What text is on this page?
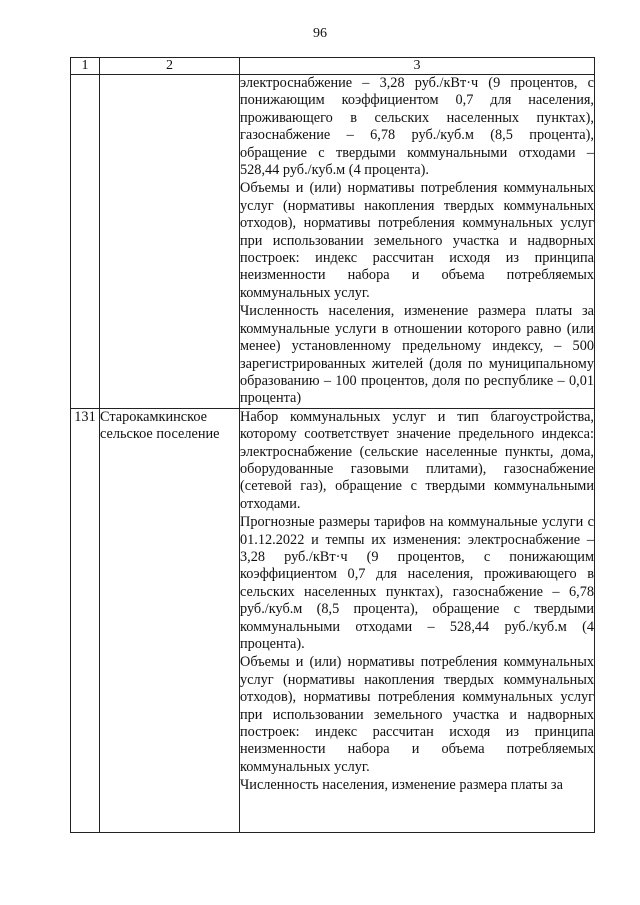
96
1	2	3

		электроснабжение – 3,28 руб./кВт·ч (9 процентов, с понижающим коэффициентом 0,7 для населения, проживающего в сельских населенных пунктах), газоснабжение – 6,78 руб./куб.м (8,5 процента), обращение с твердыми коммунальными отходами – 528,44 руб./куб.м (4 процента).

Объемы и (или) нормативы потребления коммунальных услуг (нормативы накопления твердых коммунальных отходов), нормативы потребления коммунальных услуг при использовании земельного участка и надворных построек: индекс рассчитан исходя из принципа неизменности набора и объема потребляемых коммунальных услуг.

Численность населения, изменение размера платы за коммунальные услуги в отношении которого равно (или менее) установленному предельному индексу, – 500 зарегистрированных жителей (доля по муниципальному образованию – 100 процентов, доля по республике – 0,01 процента)

131	Старокамкинское сельское поселение	Набор коммунальных услуг и тип благоустройства, которому соответствует значение предельного индекса: электроснабжение (сельские населенные пункты, дома, оборудованные газовыми плитами), газоснабжение (сетевой газ), обращение с твердыми коммунальными отходами.

Прогнозные размеры тарифов на коммунальные услуги с 01.12.2022 и темпы их изменения: электроснабжение – 3,28 руб./кВт·ч (9 процентов, с понижающим коэффициентом 0,7 для населения, проживающего в сельских населенных пунктах), газоснабжение – 6,78 руб./куб.м (8,5 процента), обращение с твердыми коммунальными отходами – 528,44 руб./куб.м (4 процента).

Объемы и (или) нормативы потребления коммунальных услуг (нормативы накопления твердых коммунальных отходов), нормативы потребления коммунальных услуг при использовании земельного участка и надворных построек: индекс рассчитан исходя из принципа неизменности набора и объема потребляемых коммунальных услуг.

Численность населения, изменение размера платы за
